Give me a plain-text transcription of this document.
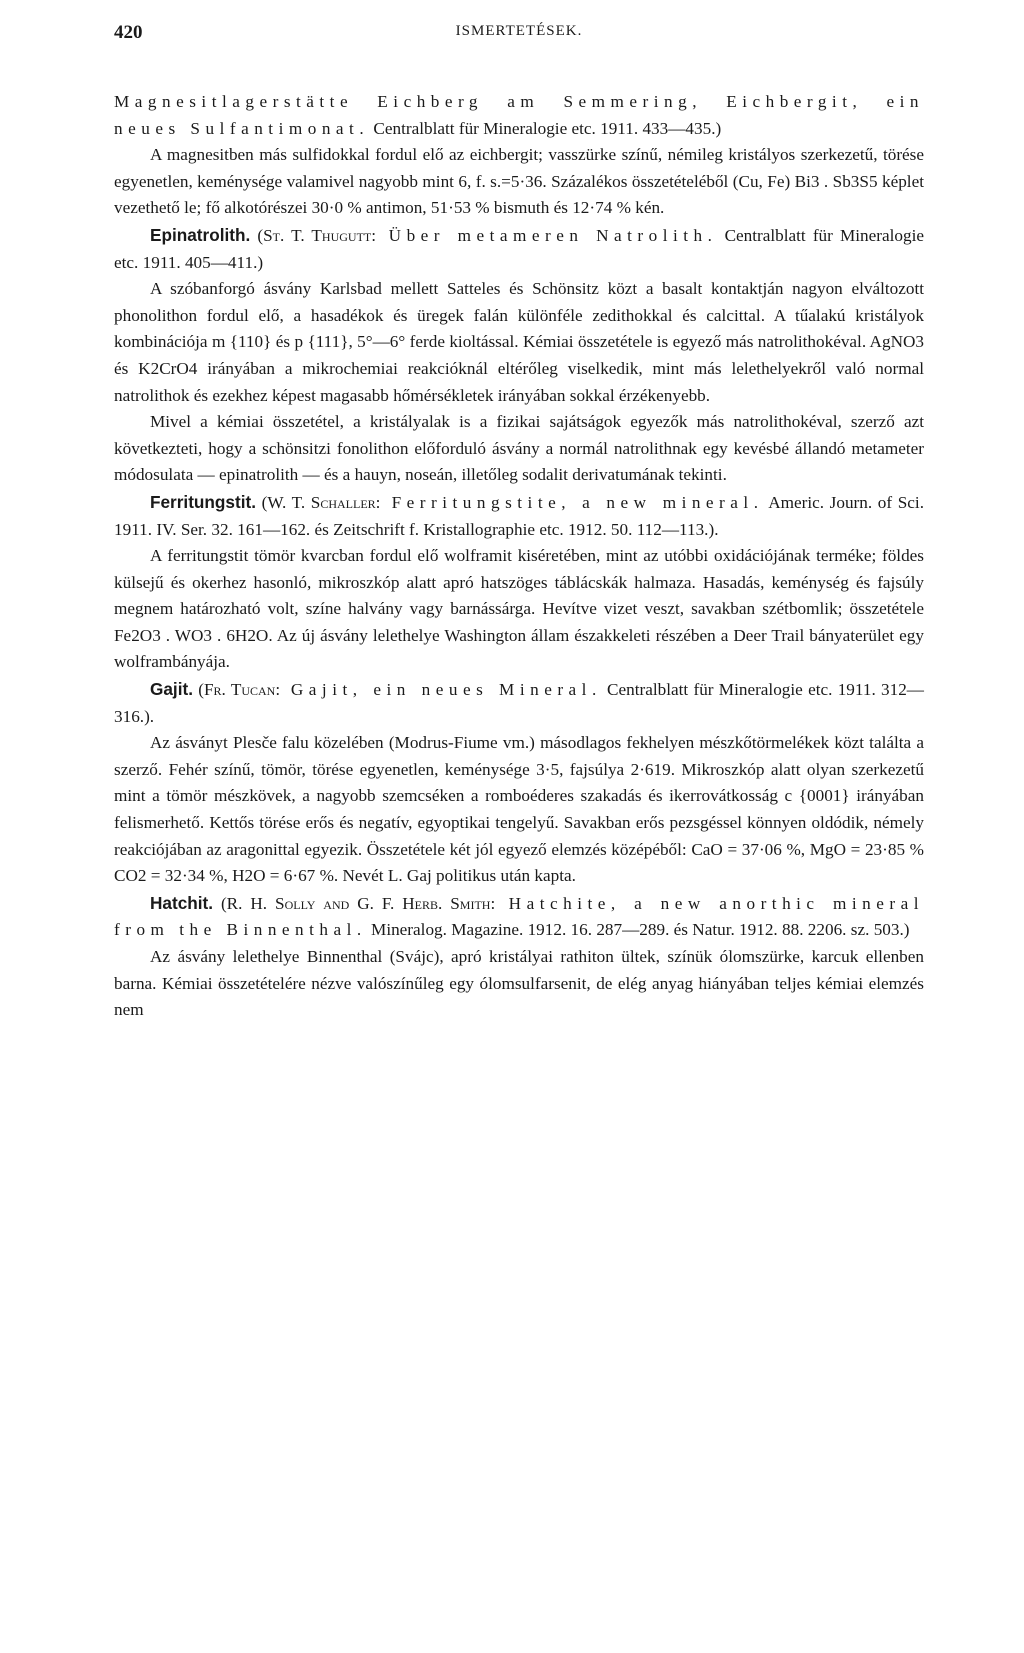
420	ISMERTETÉSEK.

Magnesitlagerstätte Eichberg am Semmering, Eichbergit, ein neues Sulfantimonat. Centralblatt für Mineralogie etc. 1911. 433—435.)

A magnesitben más sulfidokkal fordul elő az eichbergit; vasszürke színű, némileg kristályos szerkezetű, törése egyenetlen, keménysége valamivel nagyobb mint 6, f. s.=5·36. Százalékos összetételéből (Cu, Fe) Bi3 . Sb3S5 képlet vezethető le; fő alkotórészei 30·0 % antimon, 51·53 % bismuth és 12·74 % kén.

Epinatrolith. (St. T. Thugutt: Über metameren Natrolith. Centralblatt für Mineralogie etc. 1911. 405—411.)

A szóbanforgó ásvány Karlsbad mellett Satteles és Schönsitz közt a basalt kontaktján nagyon elváltozott phonolithon fordul elő, a hasadékok és üregek falán különféle zedithokkal és calcittal. A tűalakú kristályok kombinációja m {110} és p {111}, 5°—6° ferde kioltással. Kémiai összetétele is egyező más natrolithokéval. AgNO3 és K2CrO4 irányában a mikrochemiai reakcióknál eltérőleg viselkedik, mint más lelethelyekről való normal natrolithok és ezekhez képest magasabb hőmérsékletek irányában sokkal érzékenyebb.

Mivel a kémiai összetétel, a kristályalak is a fizikai sajátságok egyezők más natrolithokéval, szerző azt következteti, hogy a schönsitzi fonolithon előforduló ásvány a normál natrolithnak egy kevésbé állandó metameter módosulata — epinatrolith — és a hauyn, noseán, illetőleg sodalit derivatumának tekinti.

Ferritungstit. (W. T. Schaller: Ferritungstite, a new mineral. Americ. Journ. of Sci. 1911. IV. Ser. 32. 161—162. és Zeitschrift f. Kristallographie etc. 1912. 50. 112—113.).

A ferritungstit tömör kvarcban fordul elő wolframit kiséretében, mint az utóbbi oxidációjának terméke; földes külsejű és okerhez hasonló, mikroszkóp alatt apró hatszöges táblácskák halmaza. Hasadás, keménység és fajsúly megnem határozható volt, színe halvány vagy barnássárga. Hevítve vizet veszt, savakban szétbomlik; összetétele Fe2O3 . WO3 . 6H2O. Az új ásvány lelethelye Washington állam északkeleti részében a Deer Trail bányaterület egy wolframbányája.

Gajit. (Fr. Tucan: Gajit, ein neues Mineral. Centralblatt für Mineralogie etc. 1911. 312—316.).

Az ásványt Plesče falu közelében (Modrus-Fiume vm.) másodlagos fekhelyen mészkőtörmelékek közt találta a szerző. Fehér színű, tömör, törése egyenetlen, keménysége 3·5, fajsúlya 2·619. Mikroszkóp alatt olyan szerkezetű mint a tömör mészkövek, a nagyobb szemcséken a romboéderes szakadás és ikerrovátkosság c {0001} irányában felismerhető. Kettős törése erős és negatív, egyoptikai tengelyű. Savakban erős pezsgéssel könnyen oldódik, némely reakciójában az aragonittal egyezik. Összetétele két jól egyező elemzés középéből: CaO = 37·06 %, MgO = 23·85 % CO2 = 32·34 %, H2O = 6·67 %. Nevét L. Gaj politikus után kapta.

Hatchit. (R. H. Solly and G. F. Herb. Smith: Hatchite, a new anorthic mineral from the Binnenthal. Mineralog. Magazine. 1912. 16. 287—289. és Natur. 1912. 88. 2206. sz. 503.)

Az ásvány lelethelye Binnenthal (Svájc), apró kristályai rathiton ültek, színük ólomszürke, karcuk ellenben barna. Kémiai összetételére nézve valószínűleg egy ólomsulfarsenit, de elég anyag hiányában teljes kémiai elemzés nem
